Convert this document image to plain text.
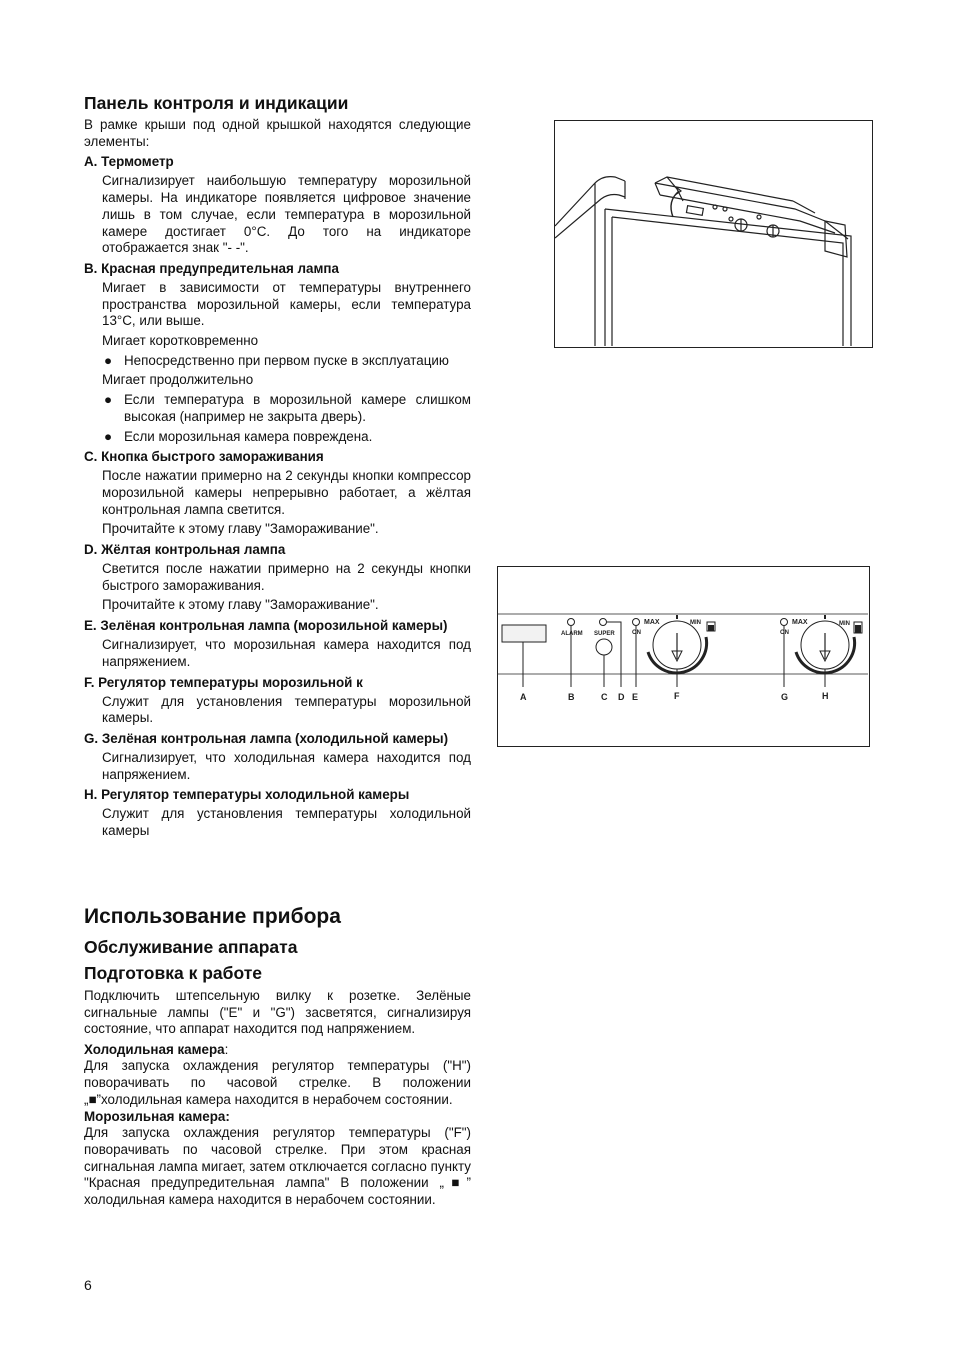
Панель контроля и индикации

В рамке крыши под одной крышкой находятся следующие элементы:

A. Термометр

Сигнализирует наибольшую температуру морозильной камеры. На индикаторе появляется цифровое значение лишь в том случае, если температура в морозильной камере достигает 0°C. До того на индикаторе отображается знак "- -".

B. Красная предупредительная лампа

Мигает в зависимости от температуры внутреннего пространства морозильной камеры, если температура 13°C, или выше.

Мигает коротковременно

● Непосредственно при первом пуске в эксплуатацию

Мигает продолжительно

● Если температура в морозильной камере слишком высокая (например не закрыта дверь).

● Если морозильная камера повреждена.

C. Кнопка быстрого замораживания

После нажатии примерно на 2 секунды кнопки компрессор морозильной камеры непрерывно работает, а жёлтая контрольная лампа светится.

Прочитайте к этому главу "Замораживание".

D. Жёлтая контрольная лампа

Светится после нажатии примерно на 2 секунды кнопки быстрого замораживания.

Прочитайте к этому главу "Замораживание".

E. Зелёная контрольная лампа (морозильной камеры)

Сигнализирует, что морозильная камера находится под напряжением.

F. Регулятор температуры морозильной к

Служит для установления температуры морозильной камеры.

G. Зелёная контрольная лампа (холодильной камеры)

Сигнализирует, что холодильная камера находится под напряжением.

H. Регулятор температуры холодильной камеры

Служит для установления температуры холодильной камеры

Использование прибора
Обслуживание аппарата
Подготовка к работе

Подключить штепсельную вилку к розетке. Зелёные сигнальные лампы ("E" и "G") засветятся, сигнализируя состояние, что аппарат находится под напряжением.

Холодильная камера:

Для запуска охлаждения регулятор температуры ("H") поворачивать по часовой стрелке. В положении „■”холодильная камера находится в нерабочем состоянии.

Морозильная камера:

Для запуска охлаждения регулятор температуры ("F") поворачивать по часовой стрелке. При этом красная сигнальная лампа мигает, затем отключается согласно пункту "Красная предупредительная лампа" В положении „■” холодильная камера находится в нерабочем состоянии.

ALARM SUPER	ON	ON
MAX	MIN	MAX	MIN
A	B	C D E	F	G	H
6
